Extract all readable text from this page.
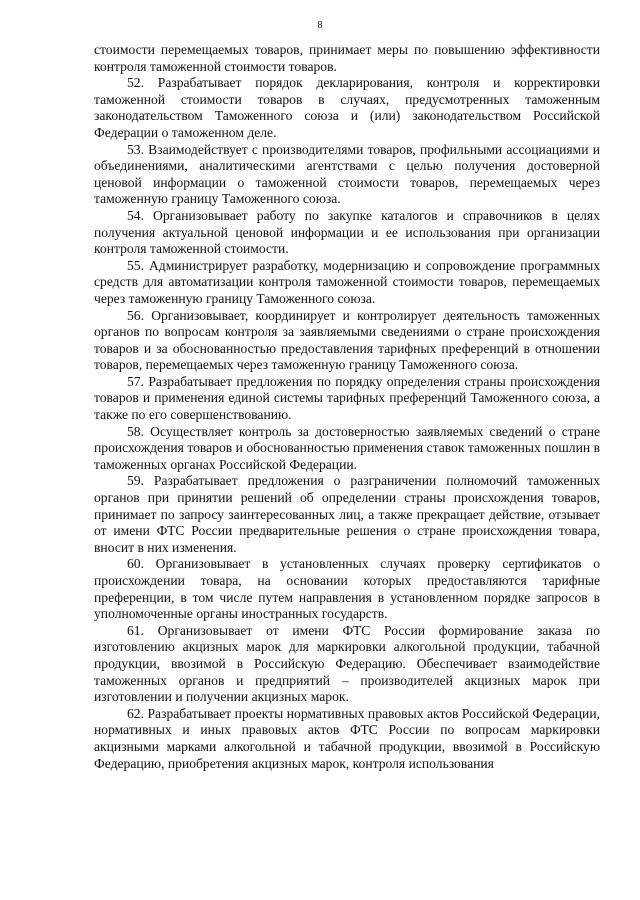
8

стоимости перемещаемых товаров, принимает меры по повышению эффективности контроля таможенной стоимости товаров.

52. Разрабатывает порядок декларирования, контроля и корректировки таможенной стоимости товаров в случаях, предусмотренных таможенным законодательством Таможенного союза и (или) законодательством Российской Федерации о таможенном деле.

53. Взаимодействует с производителями товаров, профильными ассоциациями и объединениями, аналитическими агентствами с целью получения достоверной ценовой информации о таможенной стоимости товаров, перемещаемых через таможенную границу Таможенного союза.

54. Организовывает работу по закупке каталогов и справочников в целях получения актуальной ценовой информации и ее использования при организации контроля таможенной стоимости.

55. Администрирует разработку, модернизацию и сопровождение программных средств для автоматизации контроля таможенной стоимости товаров, перемещаемых через таможенную границу Таможенного союза.

56. Организовывает, координирует и контролирует деятельность таможенных органов по вопросам контроля за заявляемыми сведениями о стране происхождения товаров и за обоснованностью предоставления тарифных преференций в отношении товаров, перемещаемых через таможенную границу Таможенного союза.

57. Разрабатывает предложения по порядку определения страны происхождения товаров и применения единой системы тарифных преференций Таможенного союза, а также по его совершенствованию.

58. Осуществляет контроль за достоверностью заявляемых сведений о стране происхождения товаров и обоснованностью применения ставок таможенных пошлин в таможенных органах Российской Федерации.

59. Разрабатывает предложения о разграничении полномочий таможенных органов при принятии решений об определении страны происхождения товаров, принимает по запросу заинтересованных лиц, а также прекращает действие, отзывает от имени ФТС России предварительные решения о стране происхождения товара, вносит в них изменения.

60. Организовывает в установленных случаях проверку сертификатов о происхождении товара, на основании которых предоставляются тарифные преференции, в том числе путем направления в установленном порядке запросов в уполномоченные органы иностранных государств.

61. Организовывает от имени ФТС России формирование заказа по изготовлению акцизных марок для маркировки алкогольной продукции, табачной продукции, ввозимой в Российскую Федерацию. Обеспечивает взаимодействие таможенных органов и предприятий – производителей акцизных марок при изготовлении и получении акцизных марок.

62. Разрабатывает проекты нормативных правовых актов Российской Федерации, нормативных и иных правовых актов ФТС России по вопросам маркировки акцизными марками алкогольной и табачной продукции, ввозимой в Российскую Федерацию, приобретения акцизных марок, контроля использования
